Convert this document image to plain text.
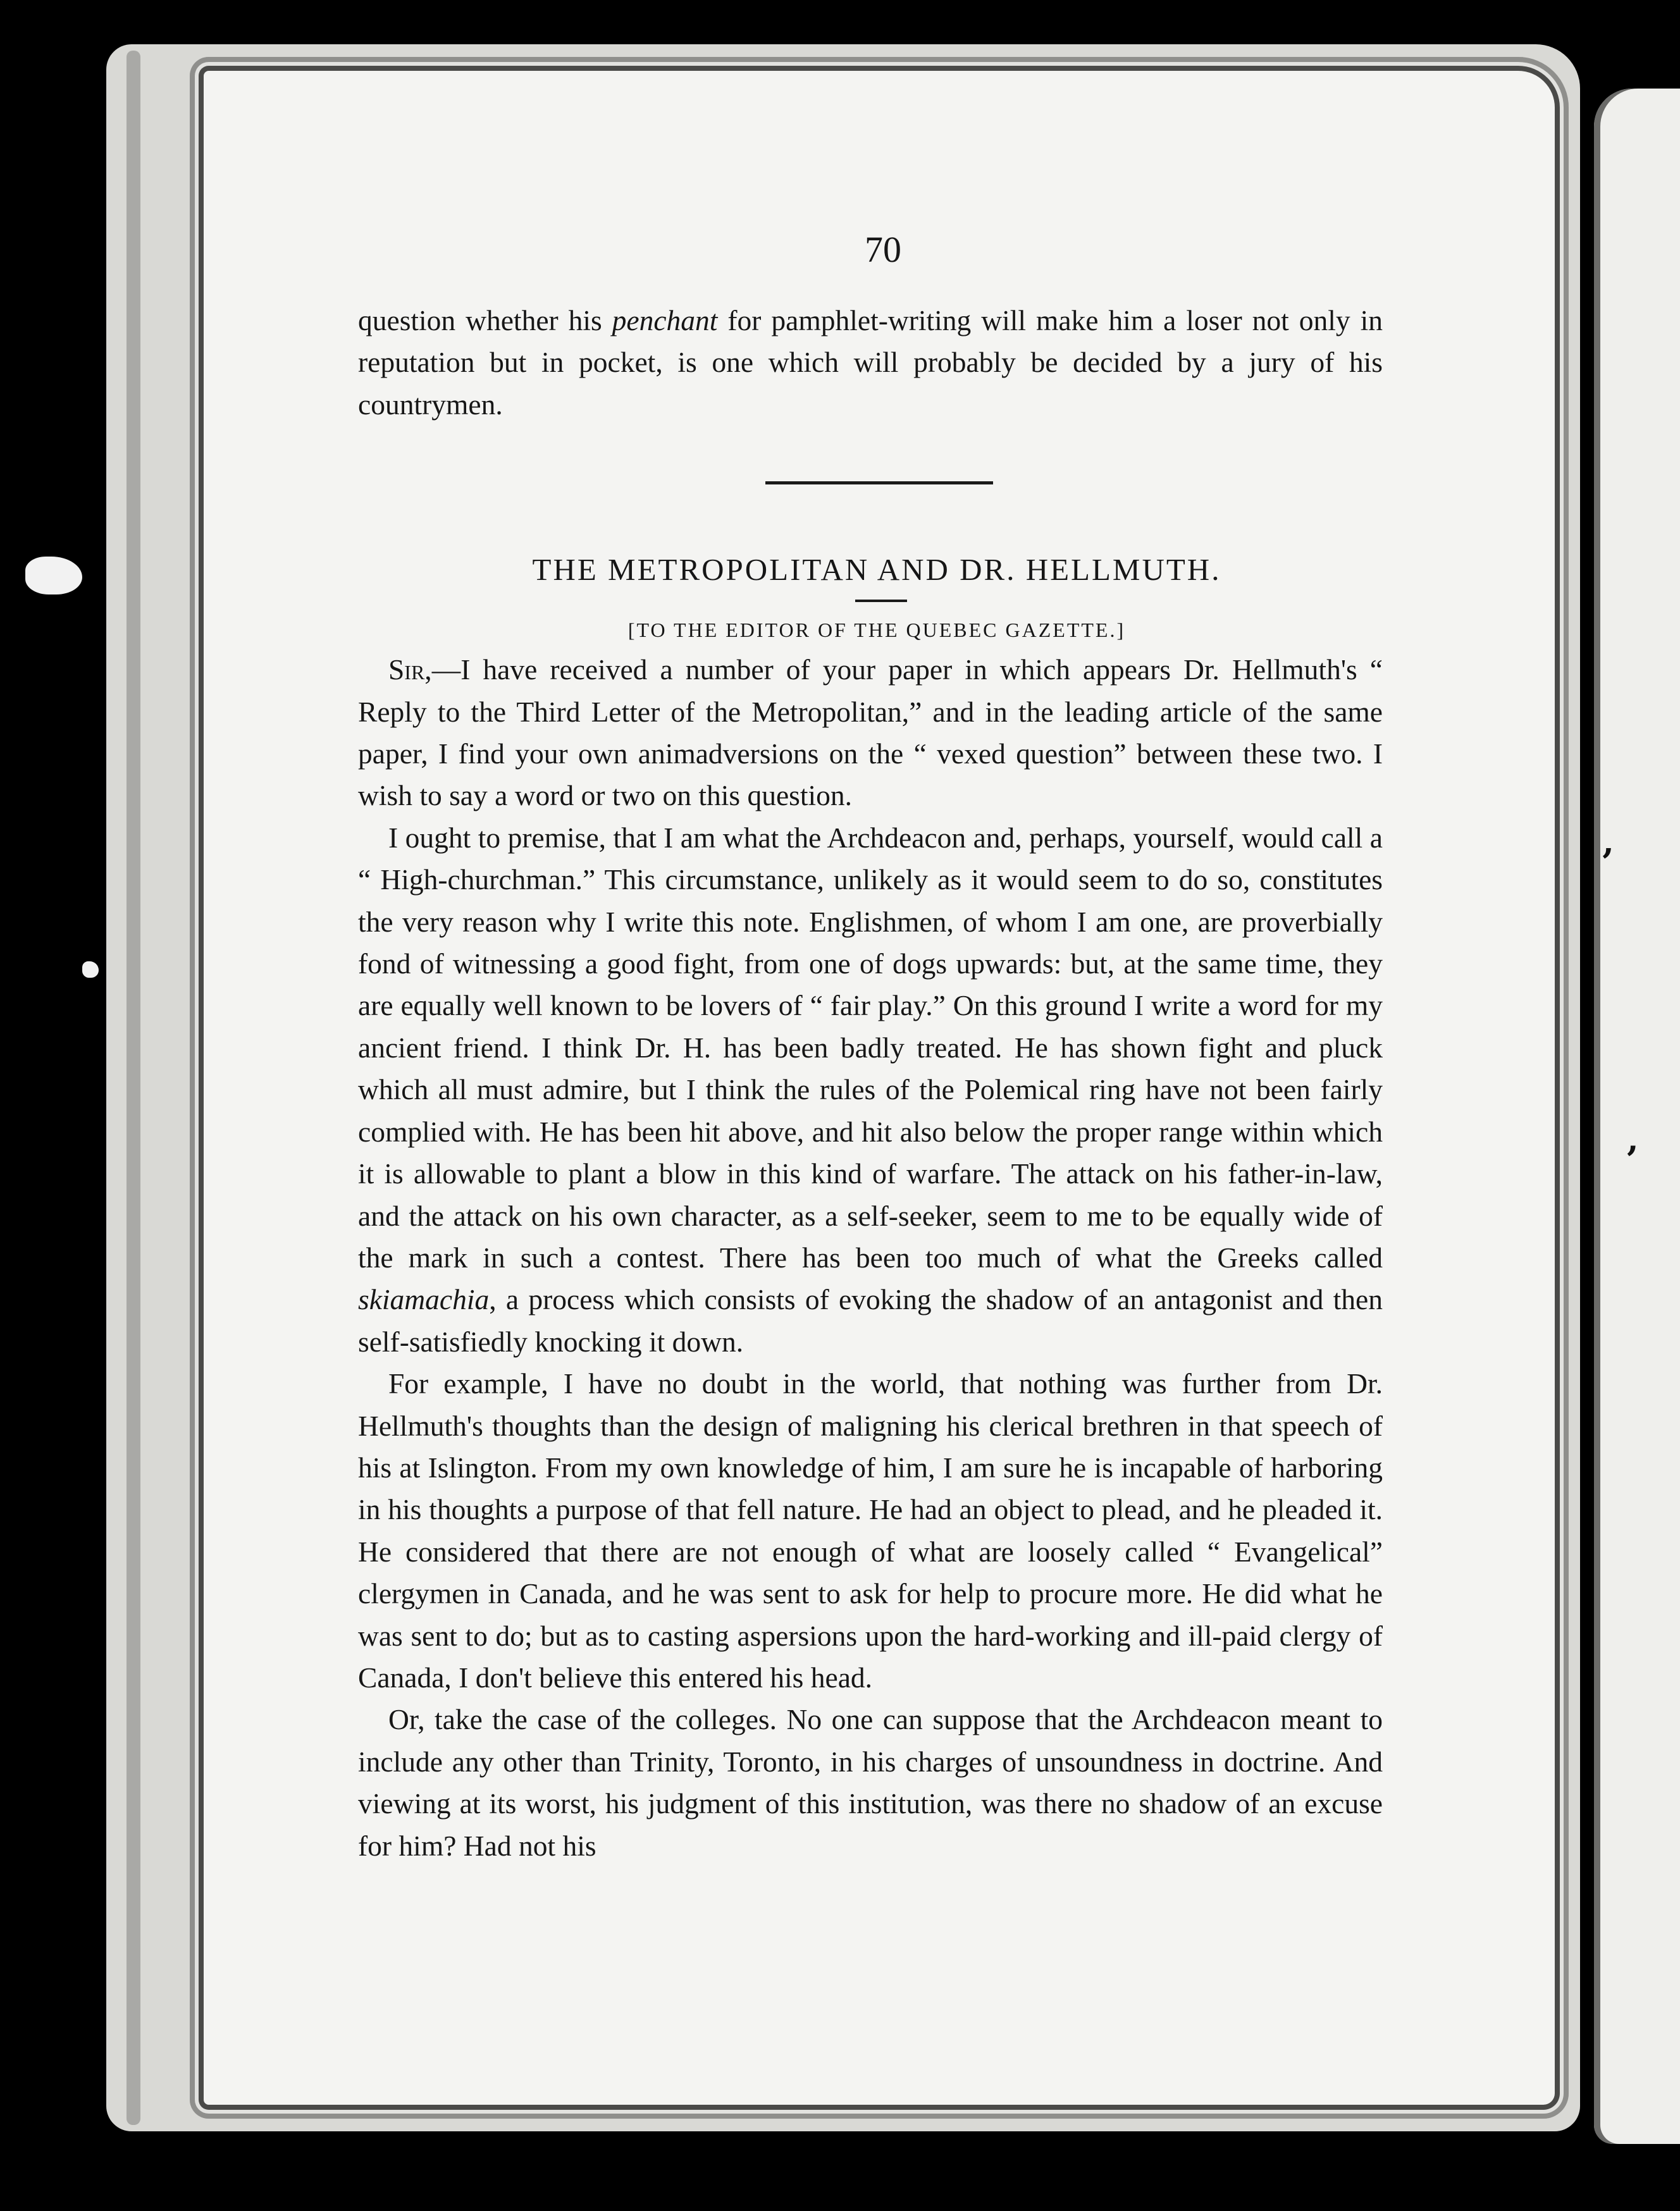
ʼ
’
70

question whether his penchant for pamphlet-writing will make him a loser not only in reputation but in pocket, is one which will probably be decided by a jury of his countrymen.

THE METROPOLITAN AND DR. HELLMUTH.
[TO THE EDITOR OF THE QUEBEC GAZETTE.]

Sir,—I have received a number of your paper in which appears Dr. Hellmuth's “ Reply to the Third Letter of the Metropolitan,” and in the leading article of the same paper, I find your own animadversions on the “ vexed question” between these two. I wish to say a word or two on this question.

I ought to premise, that I am what the Archdeacon and, perhaps, yourself, would call a “ High-churchman.” This circumstance, unlikely as it would seem to do so, constitutes the very reason why I write this note. Englishmen, of whom I am one, are proverbially fond of witnessing a good fight, from one of dogs upwards: but, at the same time, they are equally well known to be lovers of “ fair play.” On this ground I write a word for my ancient friend. I think Dr. H. has been badly treated. He has shown fight and pluck which all must admire, but I think the rules of the Polemical ring have not been fairly complied with. He has been hit above, and hit also below the proper range within which it is allowable to plant a blow in this kind of warfare. The attack on his father-in-law, and the attack on his own character, as a self-seeker, seem to me to be equally wide of the mark in such a contest. There has been too much of what the Greeks called skiamachia, a process which consists of evoking the shadow of an antagonist and then self-satisfiedly knocking it down.

For example, I have no doubt in the world, that nothing was further from Dr. Hellmuth's thoughts than the design of maligning his clerical brethren in that speech of his at Islington. From my own knowledge of him, I am sure he is incapable of harboring in his thoughts a purpose of that fell nature. He had an object to plead, and he pleaded it. He considered that there are not enough of what are loosely called “ Evangelical” clergymen in Canada, and he was sent to ask for help to procure more. He did what he was sent to do; but as to casting aspersions upon the hard-working and ill-paid clergy of Canada, I don't believe this entered his head.

Or, take the case of the colleges. No one can suppose that the Archdeacon meant to include any other than Trinity, Toronto, in his charges of unsoundness in doctrine. And viewing at its worst, his judgment of this institution, was there no shadow of an excuse for him? Had not his
